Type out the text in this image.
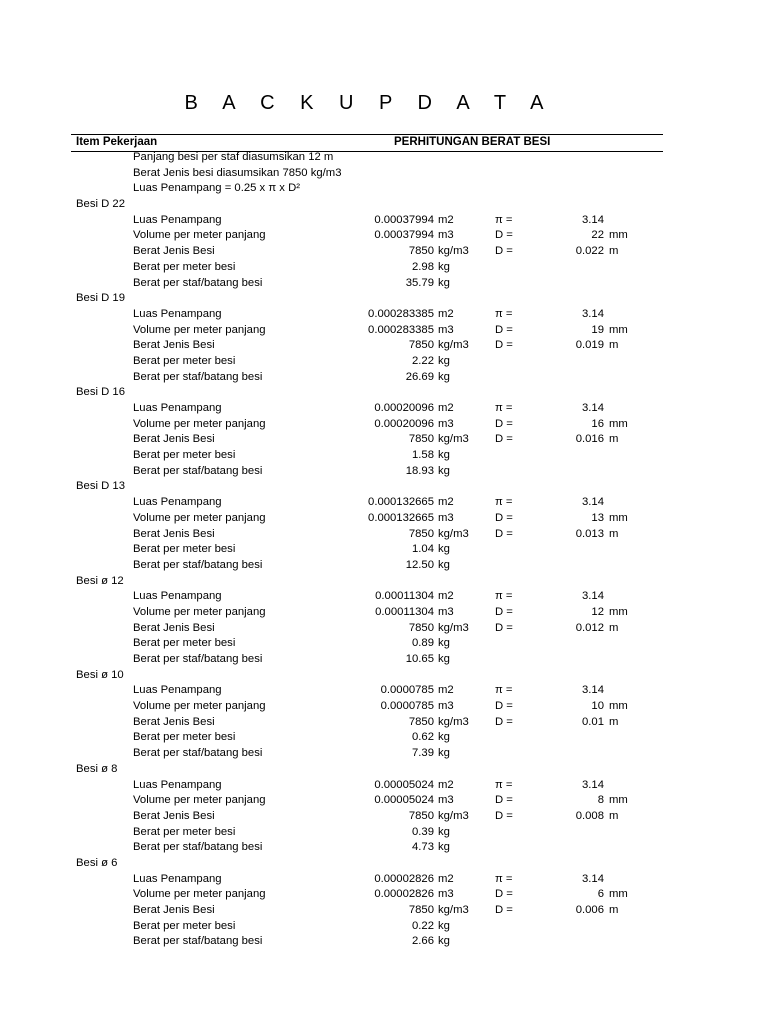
B A C K U P D A T A
Item Pekerjaan	PERHITUNGAN BERAT BESI
Panjang besi per staf diasumsikan 12 m
Berat Jenis besi diasumsikan 7850 kg/m3
Luas Penampang = 0.25 x π x D²
Besi D 22
Luas Penampang	0.00037994 m2	π =	3.14
Volume per meter panjang	0.00037994 m3	D =	22 mm
Berat Jenis Besi	7850 kg/m3 D =	0.022 m
Berat per meter besi	2.98 kg
Berat per staf/batang besi	35.79 kg
Besi D 19
Luas Penampang	0.000283385 m2	π =	3.14
Volume per meter panjang	0.000283385 m3	D =	19 mm
Berat Jenis Besi	7850 kg/m3 D =	0.019 m
Berat per meter besi	2.22 kg
Berat per staf/batang besi	26.69 kg
Besi D 16
Luas Penampang	0.00020096 m2	π =	3.14
Volume per meter panjang	0.00020096 m3	D =	16 mm
Berat Jenis Besi	7850 kg/m3 D =	0.016 m
Berat per meter besi	1.58 kg
Berat per staf/batang besi	18.93 kg
Besi D 13
Luas Penampang	0.000132665 m2	π =	3.14
Volume per meter panjang	0.000132665 m3	D =	13 mm
Berat Jenis Besi	7850 kg/m3 D =	0.013 m
Berat per meter besi	1.04 kg
Berat per staf/batang besi	12.50 kg
Besi ø 12
Luas Penampang	0.00011304 m2	π =	3.14
Volume per meter panjang	0.00011304 m3	D =	12 mm
Berat Jenis Besi	7850 kg/m3 D =	0.012 m
Berat per meter besi	0.89 kg
Berat per staf/batang besi	10.65 kg
Besi ø 10
Luas Penampang	0.0000785 m2	π =	3.14
Volume per meter panjang	0.0000785 m3	D =	10 mm
Berat Jenis Besi	7850 kg/m3 D =	0.01 m
Berat per meter besi	0.62 kg
Berat per staf/batang besi	7.39 kg
Besi ø 8
Luas Penampang	0.00005024 m2	π =	3.14
Volume per meter panjang	0.00005024 m3	D =	8 mm
Berat Jenis Besi	7850 kg/m3 D =	0.008 m
Berat per meter besi	0.39 kg
Berat per staf/batang besi	4.73 kg
Besi ø 6
Luas Penampang	0.00002826 m2	π =	3.14
Volume per meter panjang	0.00002826 m3	D =	6 mm
Berat Jenis Besi	7850 kg/m3 D =	0.006 m
Berat per meter besi	0.22 kg
Berat per staf/batang besi	2.66 kg
